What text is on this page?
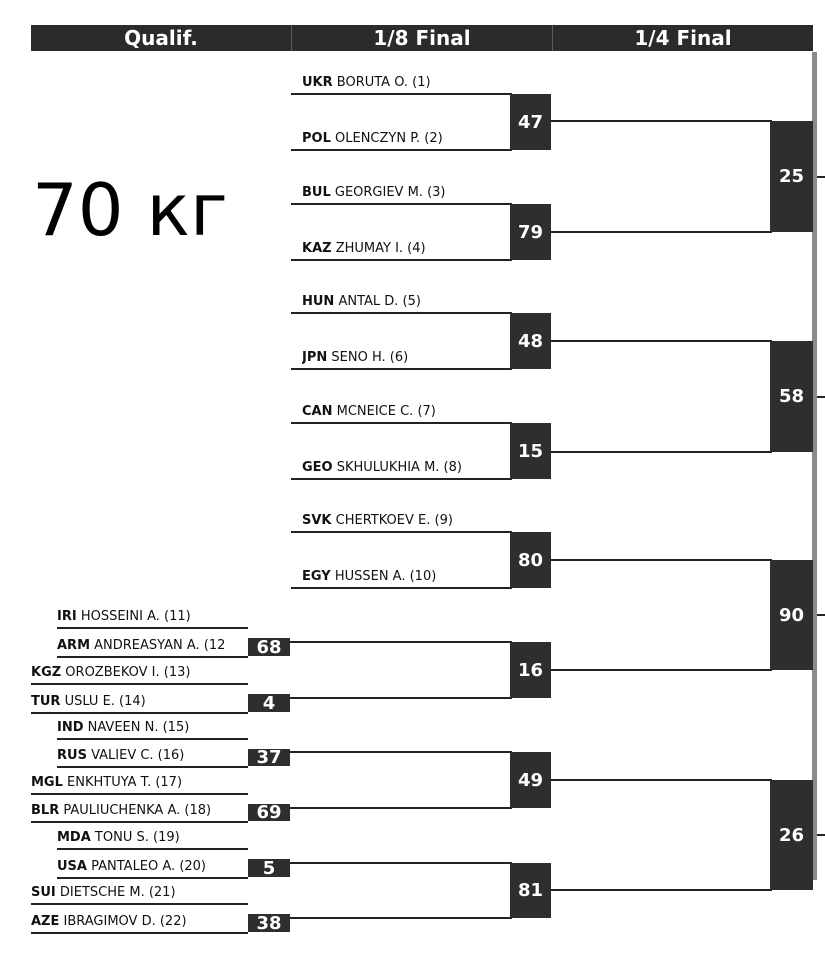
Qualif.	1/8 Final	1/4 Final
70 кг
UKR BORUTA O. (1)
POL OLENCZYN P. (2)
47
BUL GEORGIEV M. (3)
KAZ ZHUMAY I. (4)
79
HUN ANTAL D. (5)
JPN SENO H. (6)
48
CAN MCNEICE C. (7)
GEO SKHULUKHIA M. (8)
15
SVK CHERTKOEV E. (9)
EGY HUSSEN A. (10)
80
IRI HOSSEINI A. (11)
ARM ANDREASYAN A. (12	68
KGZ OROZBEKOV I. (13)
TUR USLU E. (14)	4
IND NAVEEN N. (15)
RUS VALIEV C. (16)	37
MGL ENKHTUYA T. (17)
BLR PAULIUCHENKA A. (18)	69
MDA TONU S. (19)
USA PANTALEO A. (20)	5
SUI DIETSCHE M. (21)
AZE IBRAGIMOV D. (22)	38
16
49
81
25
58
90
26
